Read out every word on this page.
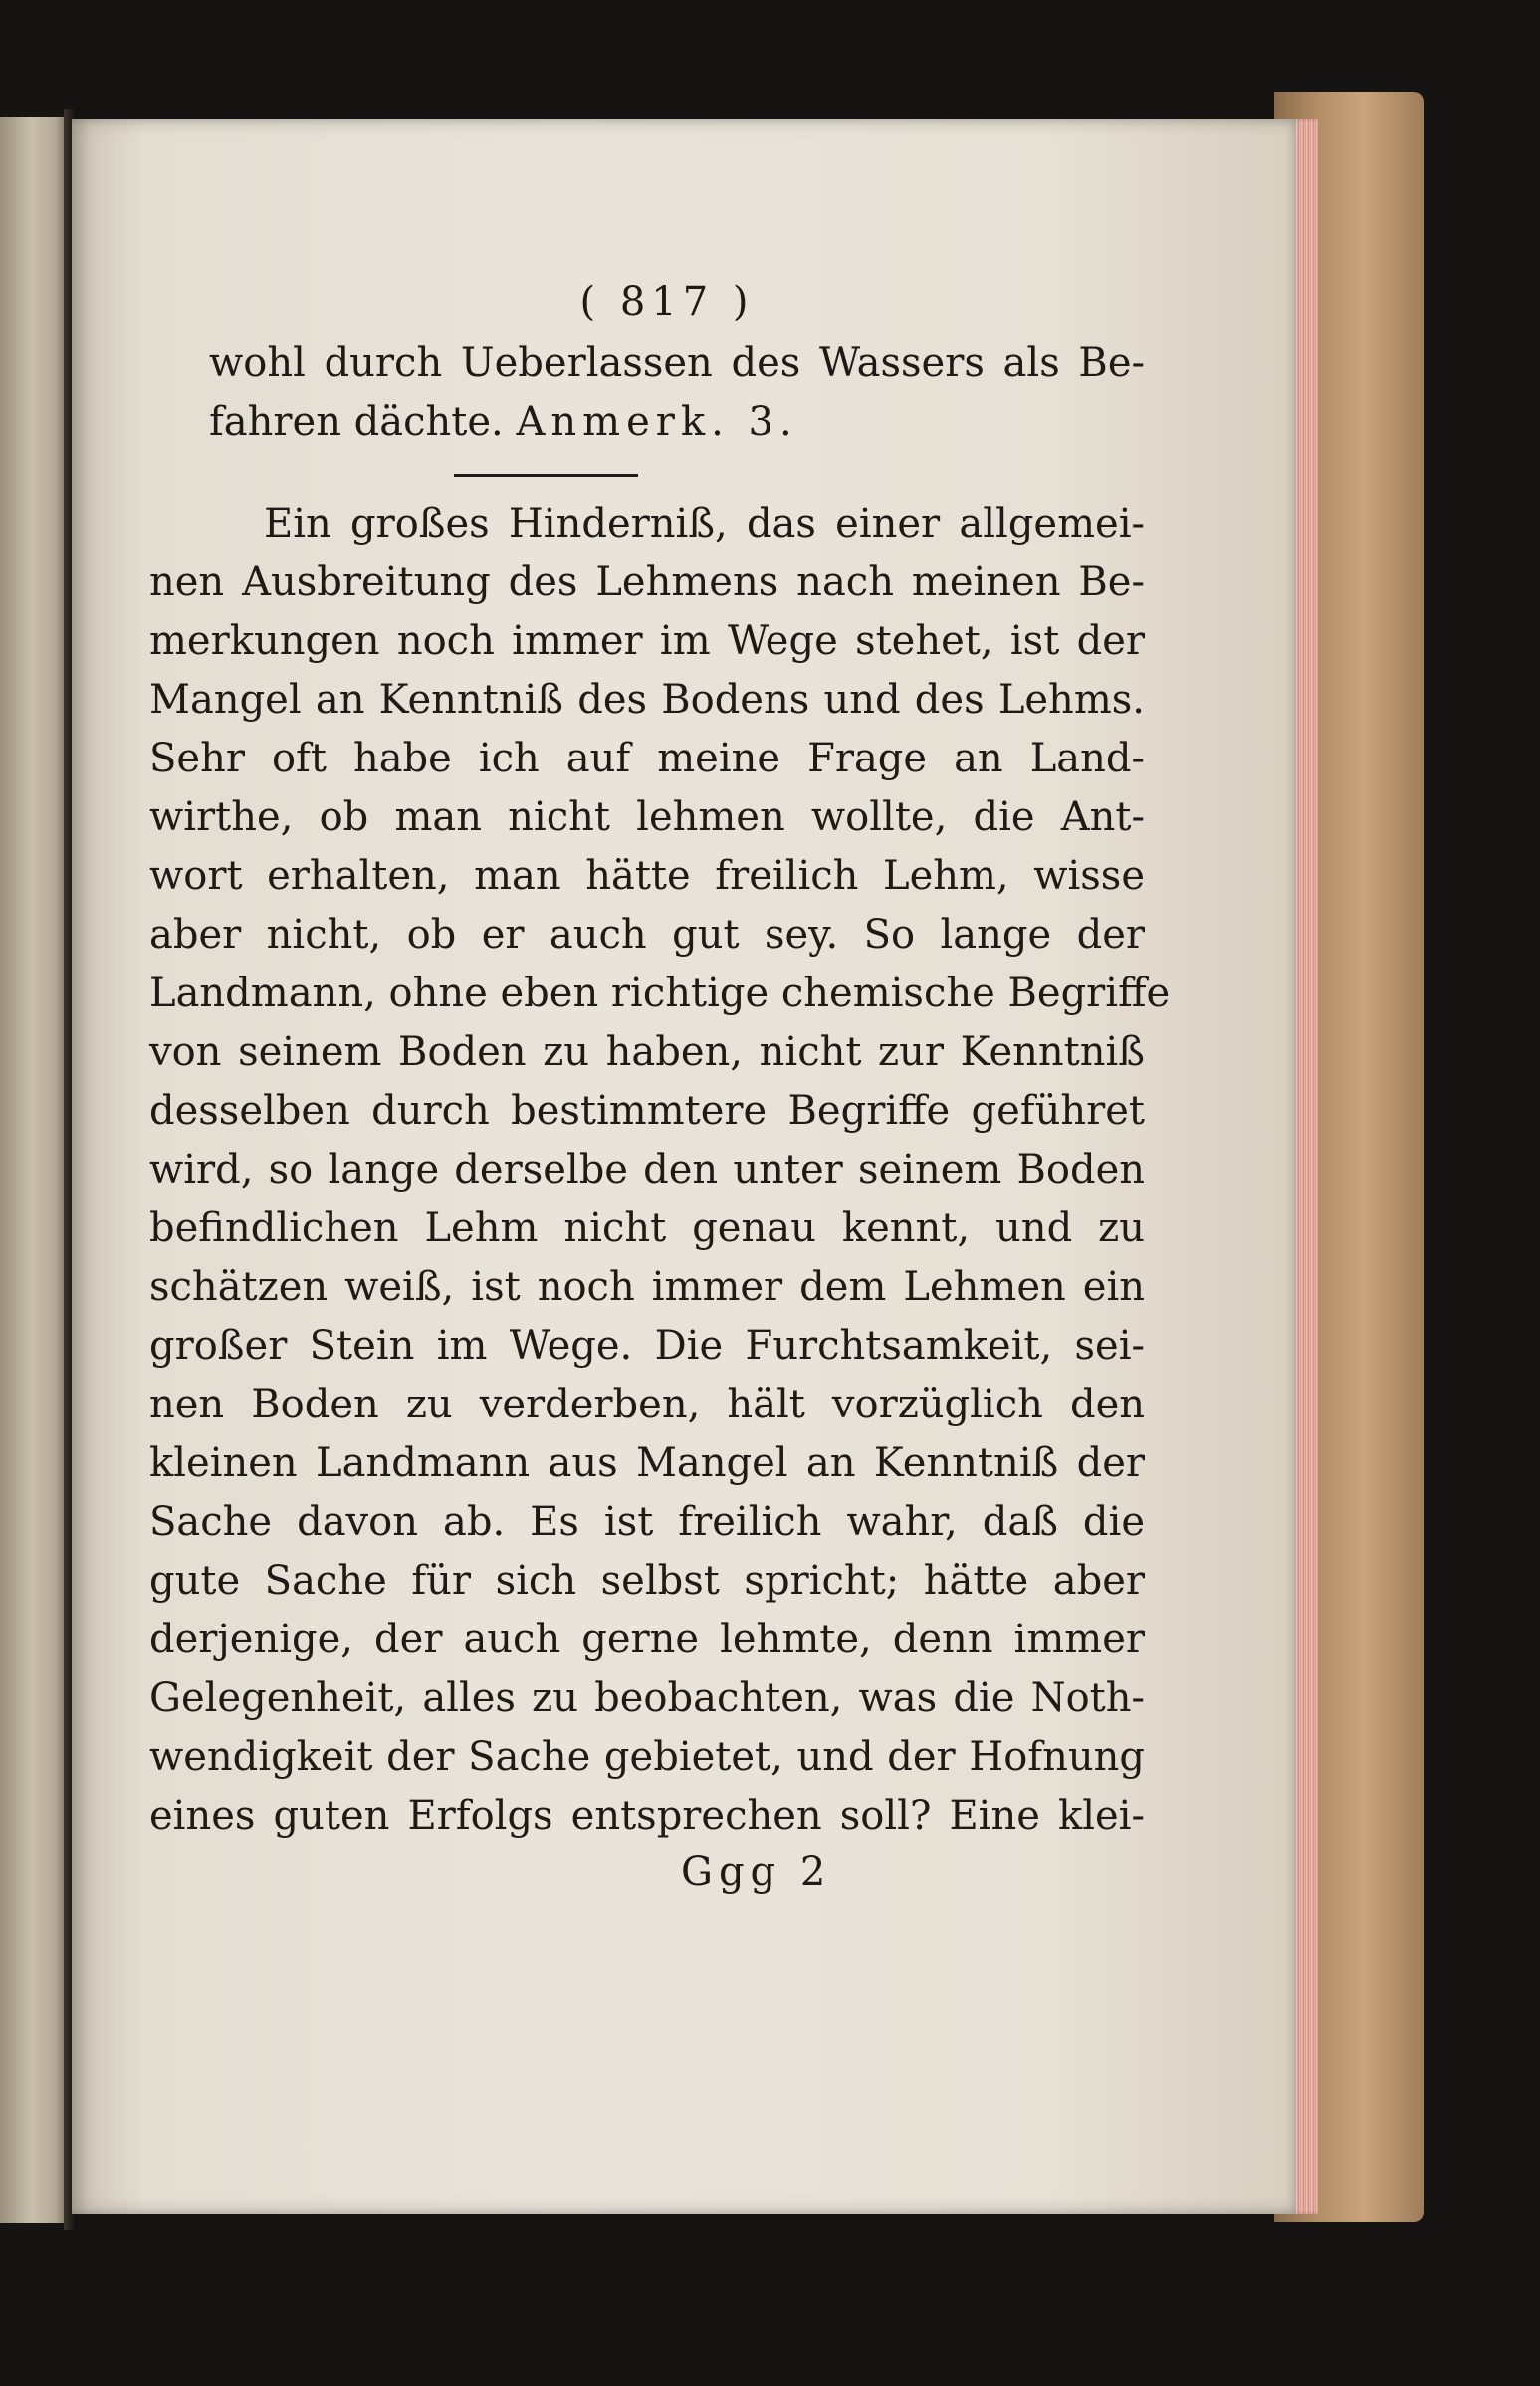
( 817 )

wohl durch Ueberlassen des Wassers als Be-

fahren dächte. Anmerk. 3.

Ein großes Hinderniß, das einer allgemei-

nen Ausbreitung des Lehmens nach meinen Be-

merkungen noch immer im Wege stehet, ist der

Mangel an Kenntniß des Bodens und des Lehms.

Sehr oft habe ich auf meine Frage an Land-

wirthe, ob man nicht lehmen wollte, die Ant-

wort erhalten, man hätte freilich Lehm, wisse

aber nicht, ob er auch gut sey. So lange der

Landmann, ohne eben richtige chemische Begriffe

von seinem Boden zu haben, nicht zur Kenntniß

desselben durch bestimmtere Begriffe geführet

wird, so lange derselbe den unter seinem Boden

befindlichen Lehm nicht genau kennt, und zu

schätzen weiß, ist noch immer dem Lehmen ein

großer Stein im Wege. Die Furchtsamkeit, sei-

nen Boden zu verderben, hält vorzüglich den

kleinen Landmann aus Mangel an Kenntniß der

Sache davon ab. Es ist freilich wahr, daß die

gute Sache für sich selbst spricht; hätte aber

derjenige, der auch gerne lehmte, denn immer

Gelegenheit, alles zu beobachten, was die Noth-

wendigkeit der Sache gebietet, und der Hofnung

eines guten Erfolgs entsprechen soll? Eine klei-

Ggg 2
